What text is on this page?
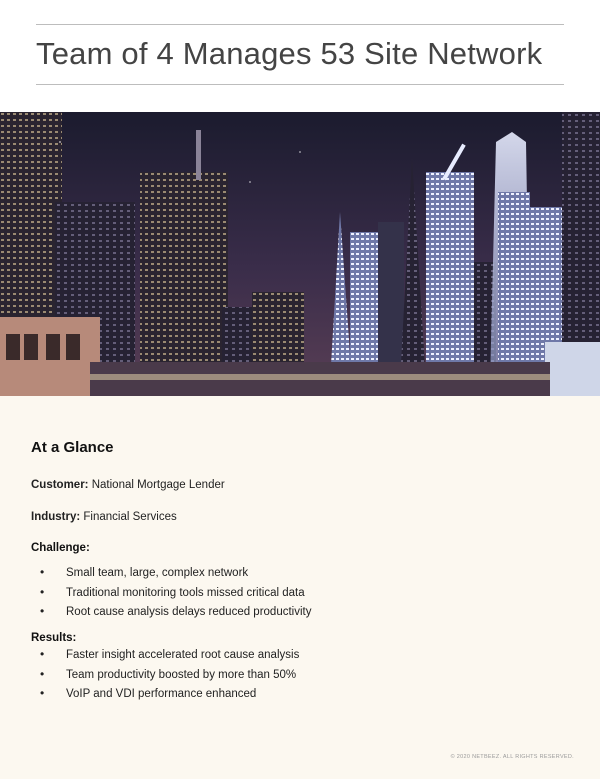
Team of 4 Manages 53 Site Network
At a Glance
Customer: National Mortgage Lender
Industry: Financial Services
Challenge:
• Small team, large, complex network
• Traditional monitoring tools missed critical data
• Root cause analysis delays reduced productivity
Results:
• Faster insight accelerated root cause analysis
• Team productivity boosted by more than 50%
• VoIP and VDI performance enhanced
© 2020 NETBEEZ. ALL RIGHTS RESERVED.
